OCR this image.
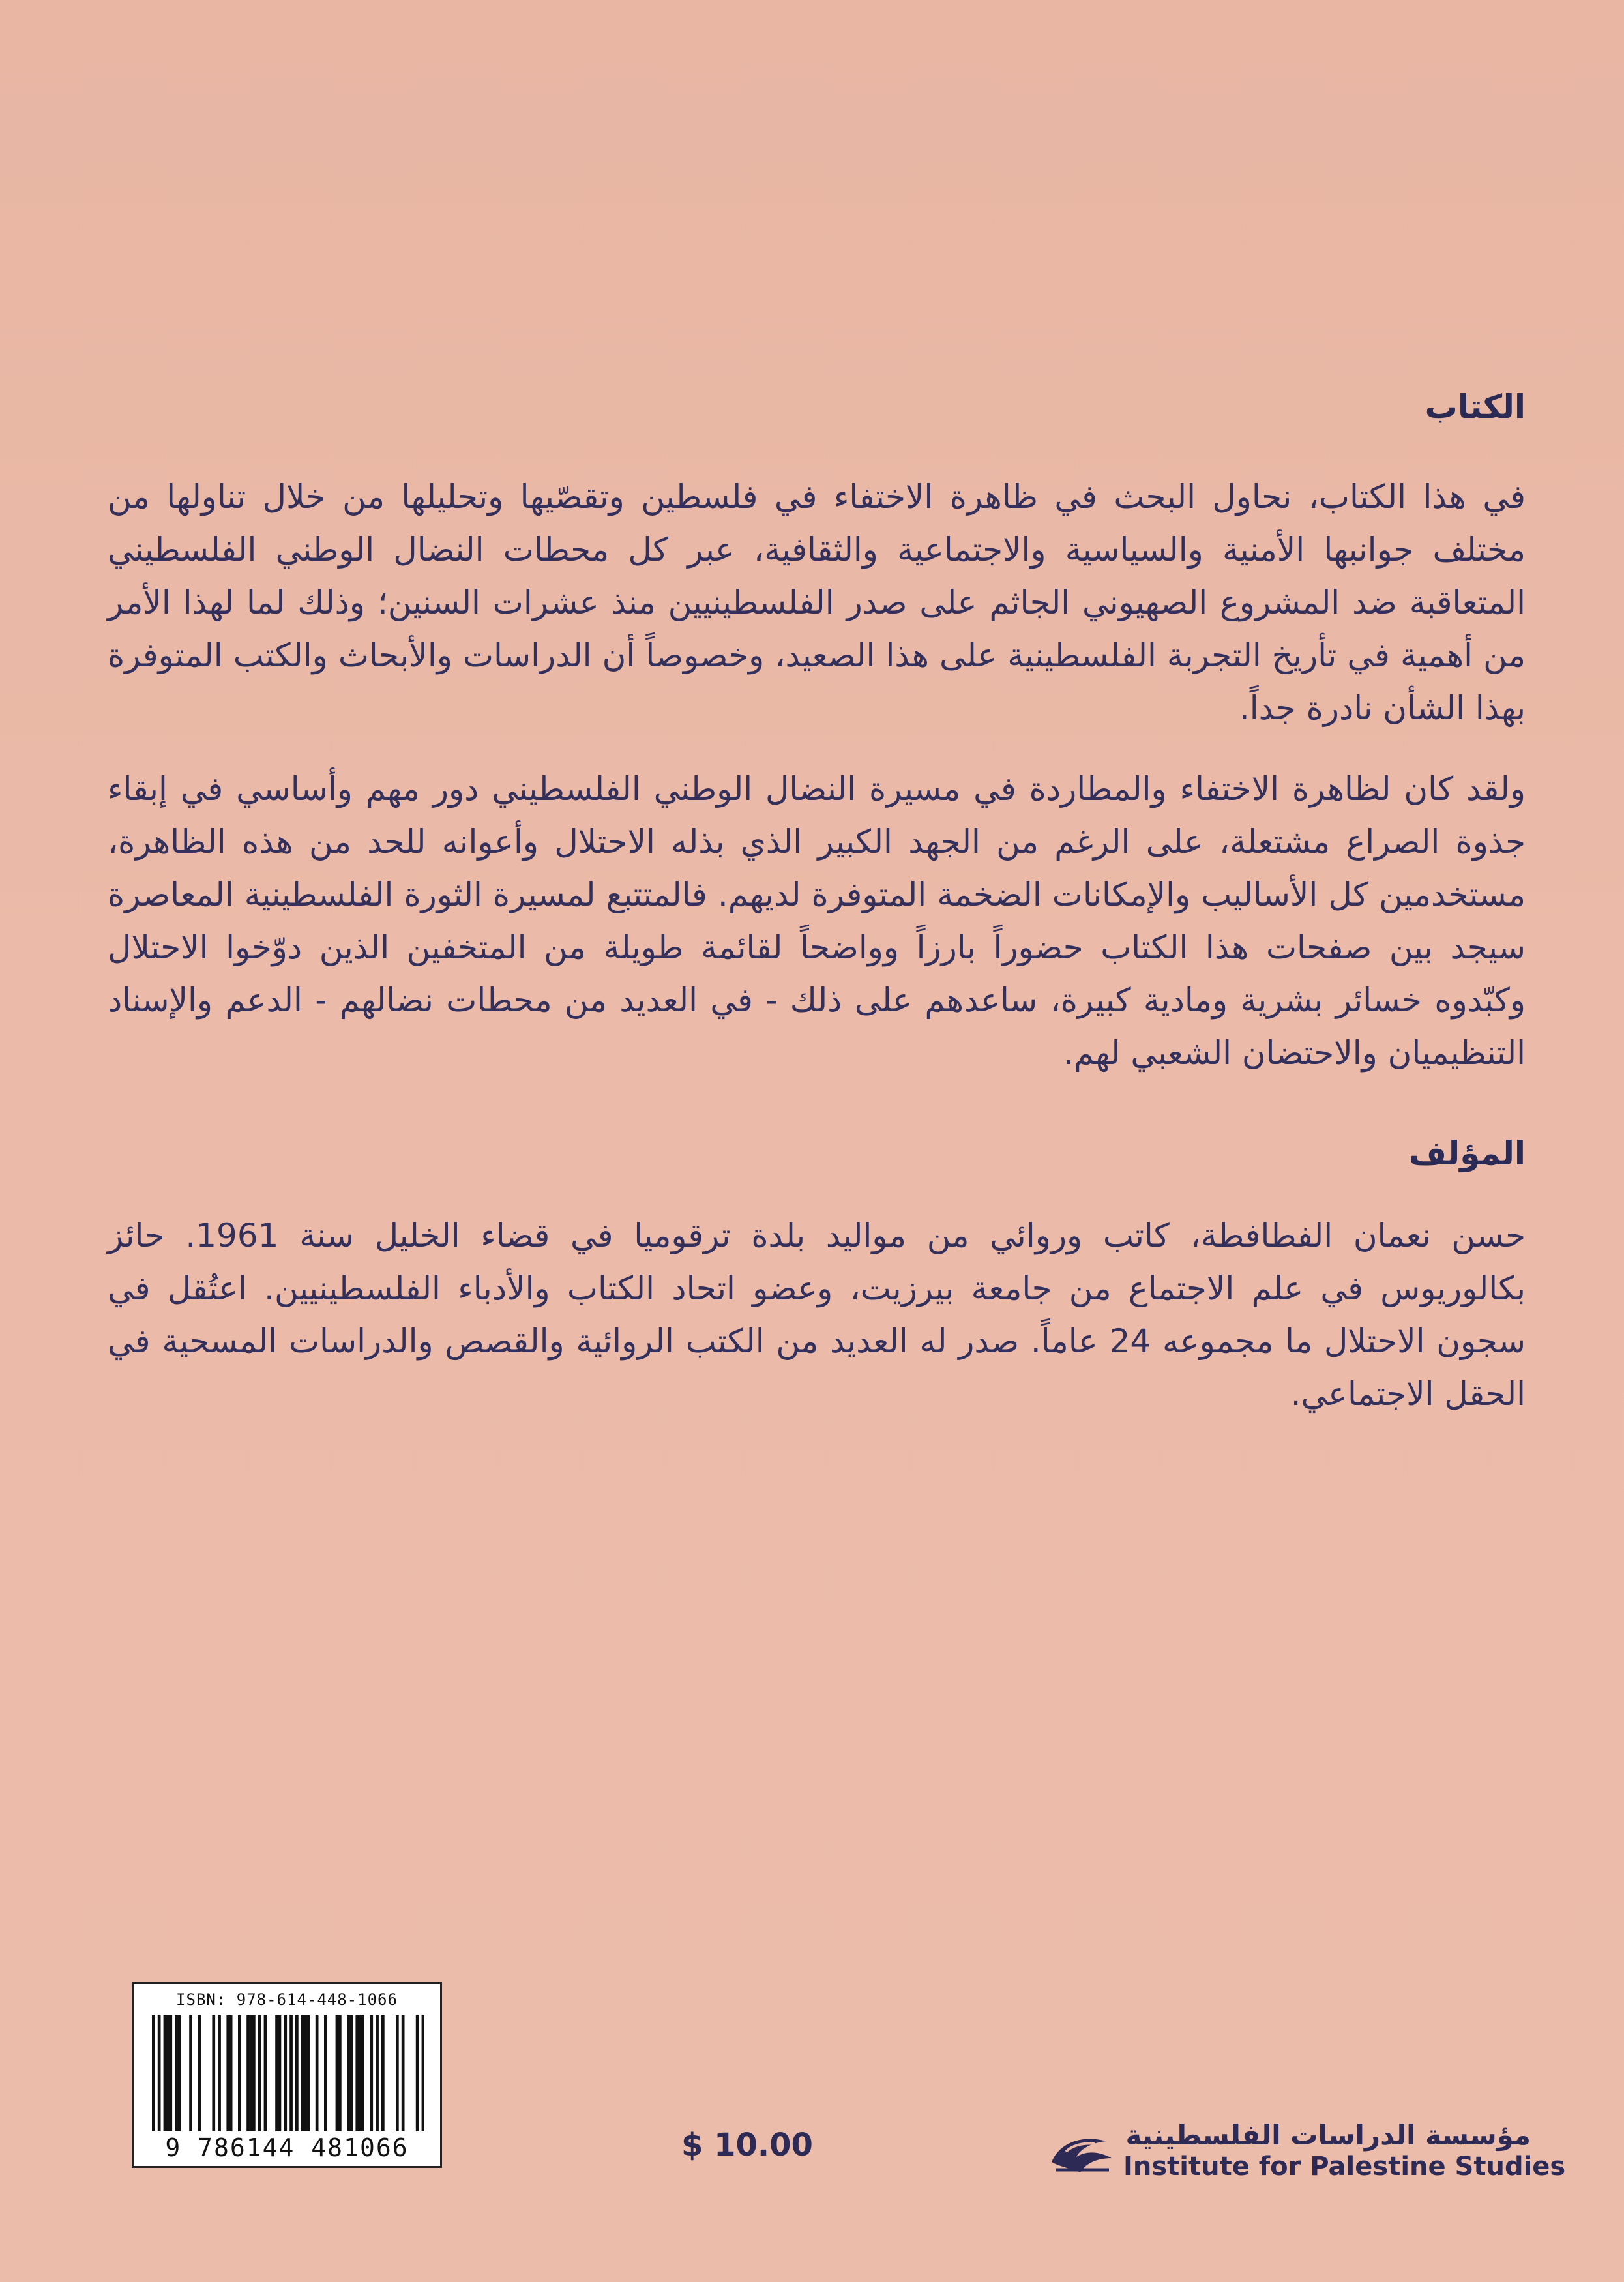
الكتاب

في هذا الكتاب، نحاول البحث في ظاهرة الاختفاء في فلسطين وتقصّيها وتحليلها من خلال تناولها من مختلف جوانبها الأمنية والسياسية والاجتماعية والثقافية، عبر كل محطات النضال الوطني الفلسطيني المتعاقبة ضد المشروع الصهيوني الجاثم على صدر الفلسطينيين منذ عشرات السنين؛ وذلك لما لهذا الأمر من أهمية في تأريخ التجربة الفلسطينية على هذا الصعيد، وخصوصاً أن الدراسات والأبحاث والكتب المتوفرة بهذا الشأن نادرة جداً.

ولقد كان لظاهرة الاختفاء والمطاردة في مسيرة النضال الوطني الفلسطيني دور مهم وأساسي في إبقاء جذوة الصراع مشتعلة، على الرغم من الجهد الكبير الذي بذله الاحتلال وأعوانه للحد من هذه الظاهرة، مستخدمين كل الأساليب والإمكانات الضخمة المتوفرة لديهم. فالمتتبع لمسيرة الثورة الفلسطينية المعاصرة سيجد بين صفحات هذا الكتاب حضوراً بارزاً وواضحاً لقائمة طويلة من المتخفين الذين دوّخوا الاحتلال وكبّدوه خسائر بشرية ومادية كبيرة، ساعدهم على ذلك - في العديد من محطات نضالهم - الدعم والإسناد التنظيميان والاحتضان الشعبي لهم.

المؤلف

حسن نعمان الفطافطة، كاتب وروائي من مواليد بلدة ترقوميا في قضاء الخليل سنة 1961. حائز بكالوريوس في علم الاجتماع من جامعة بيرزيت، وعضو اتحاد الكتاب والأدباء الفلسطينيين. اعتُقل في سجون الاحتلال ما مجموعه 24 عاماً. صدر له العديد من الكتب الروائية والقصص والدراسات المسحية في الحقل الاجتماعي.

ISBN: 978-614-448-1066
9 786144 481066	$ 10.00	مؤسسة الدراسات الفلسطينية
Institute for Palestine Studies
